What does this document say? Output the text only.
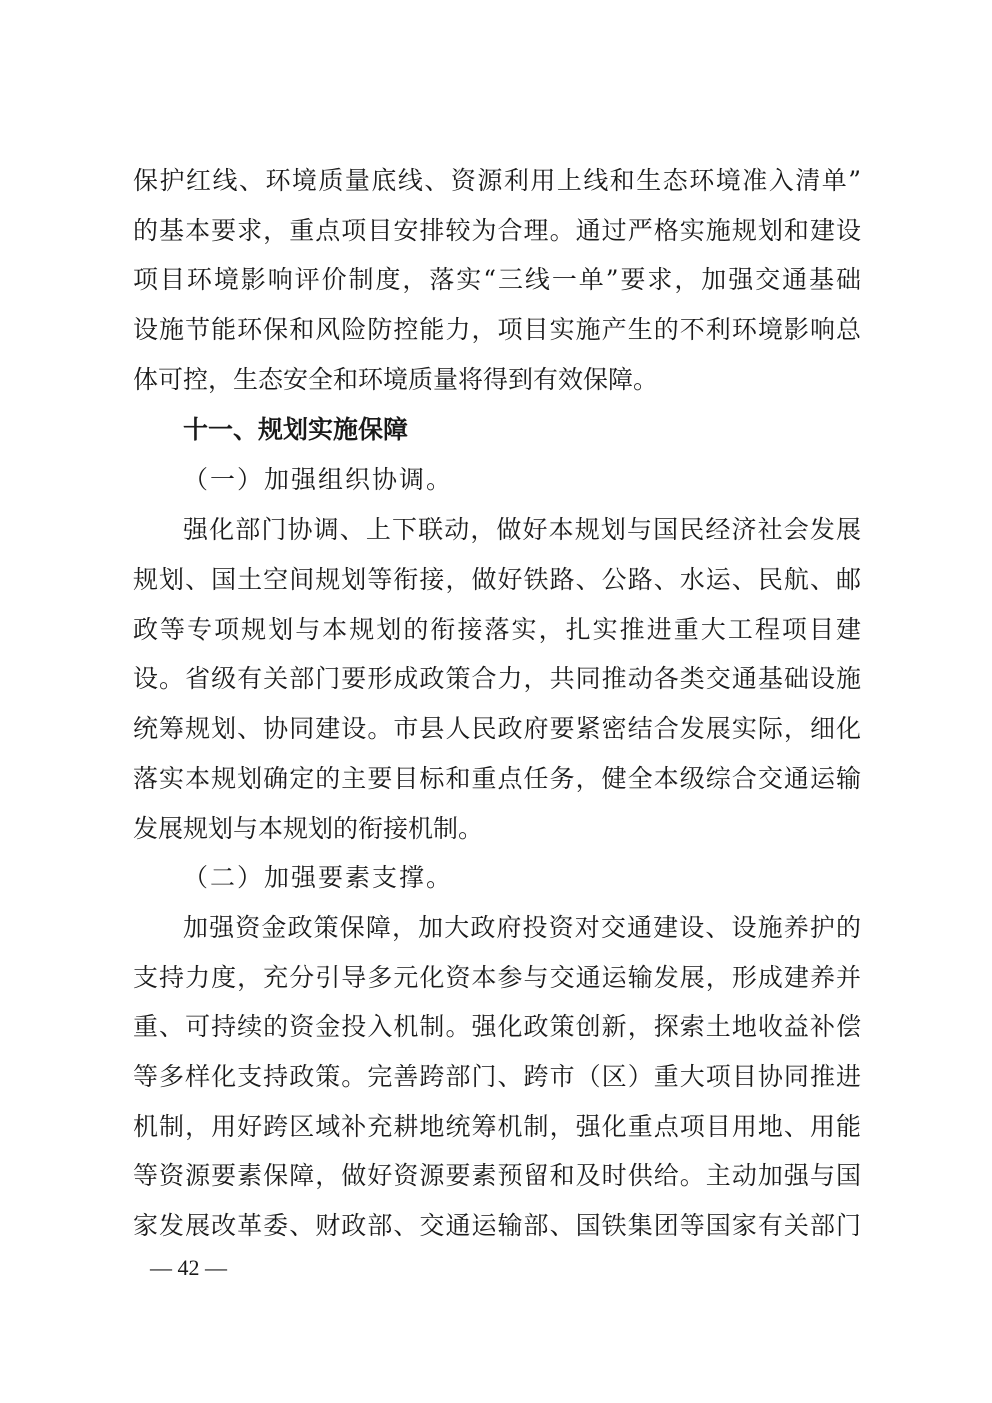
保护红线、环境质量底线、资源利用上线和生态环境准入清单”
的基本要求，重点项目安排较为合理。通过严格实施规划和建设
项目环境影响评价制度，落实“三线一单”要求，加强交通基础
设施节能环保和风险防控能力，项目实施产生的不利环境影响总
体可控，生态安全和环境质量将得到有效保障。
十一、规划实施保障
（一）加强组织协调。
强化部门协调、上下联动，做好本规划与国民经济社会发展
规划、国土空间规划等衔接，做好铁路、公路、水运、民航、邮
政等专项规划与本规划的衔接落实，扎实推进重大工程项目建
设。省级有关部门要形成政策合力，共同推动各类交通基础设施
统筹规划、协同建设。市县人民政府要紧密结合发展实际，细化
落实本规划确定的主要目标和重点任务，健全本级综合交通运输
发展规划与本规划的衔接机制。
（二）加强要素支撑。
加强资金政策保障，加大政府投资对交通建设、设施养护的
支持力度，充分引导多元化资本参与交通运输发展，形成建养并
重、可持续的资金投入机制。强化政策创新，探索土地收益补偿
等多样化支持政策。完善跨部门、跨市（区）重大项目协同推进
机制，用好跨区域补充耕地统筹机制，强化重点项目用地、用能
等资源要素保障，做好资源要素预留和及时供给。主动加强与国
家发展改革委、财政部、交通运输部、国铁集团等国家有关部门
— 42 —
